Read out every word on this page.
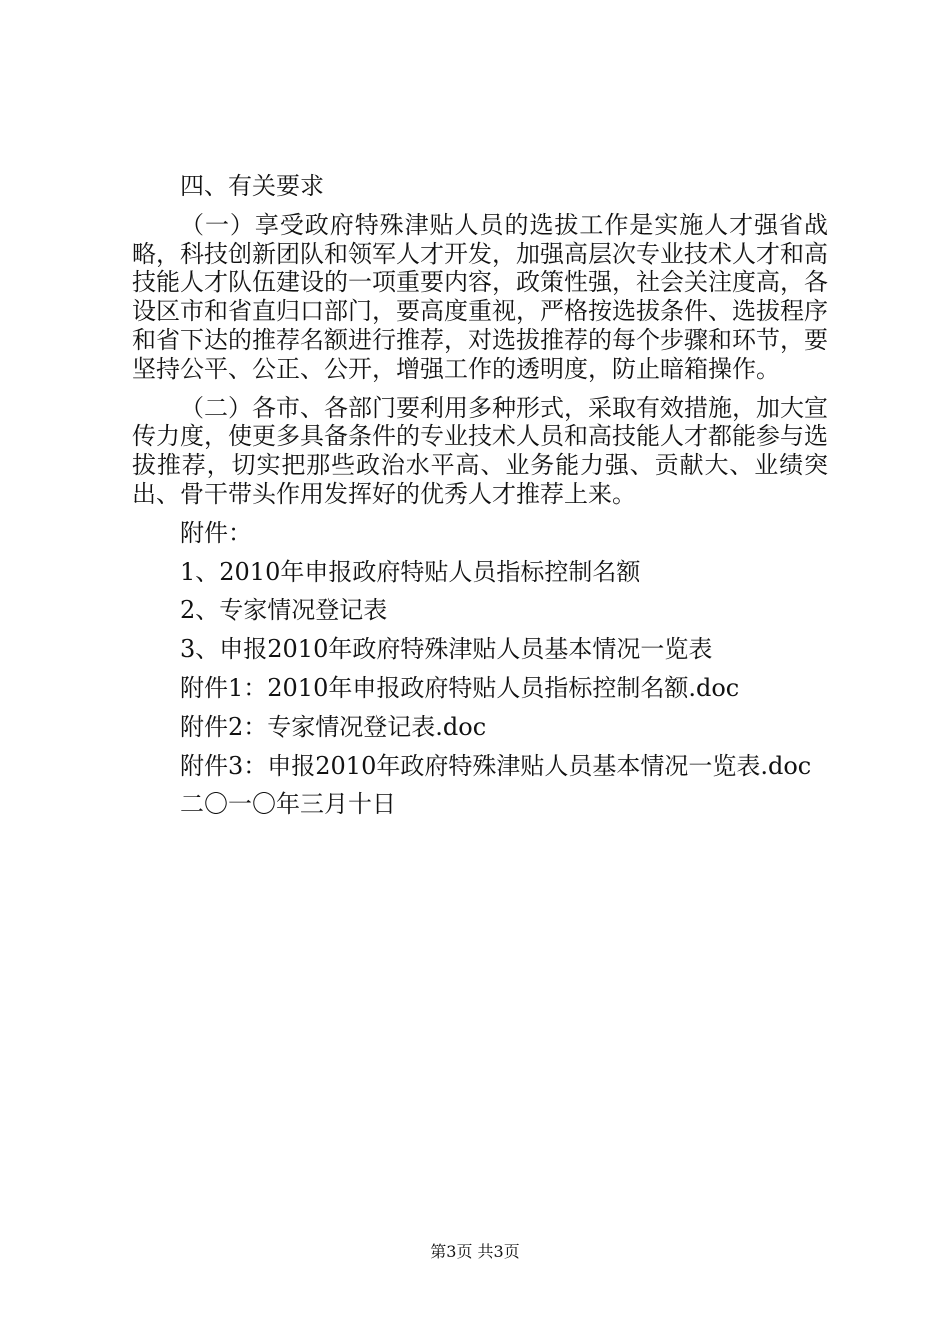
四、有关要求

（一）享受政府特殊津贴人员的选拔工作是实施人才强省战略，科技创新团队和领军人才开发，加强高层次专业技术人才和高技能人才队伍建设的一项重要内容，政策性强，社会关注度高，各设区市和省直归口部门，要高度重视，严格按选拔条件、选拔程序和省下达的推荐名额进行推荐，对选拔推荐的每个步骤和环节，要坚持公平、公正、公开，增强工作的透明度，防止暗箱操作。

（二）各市、各部门要利用多种形式，采取有效措施，加大宣传力度，使更多具备条件的专业技术人员和高技能人才都能参与选拔推荐，切实把那些政治水平高、业务能力强、贡献大、业绩突出、骨干带头作用发挥好的优秀人才推荐上来。

附件：

1、2010年申报政府特贴人员指标控制名额

2、专家情况登记表

3、申报2010年政府特殊津贴人员基本情况一览表

附件1：2010年申报政府特贴人员指标控制名额.doc

附件2：专家情况登记表.doc

附件3：申报2010年政府特殊津贴人员基本情况一览表.doc

二〇一〇年三月十日

第3页 共3页
